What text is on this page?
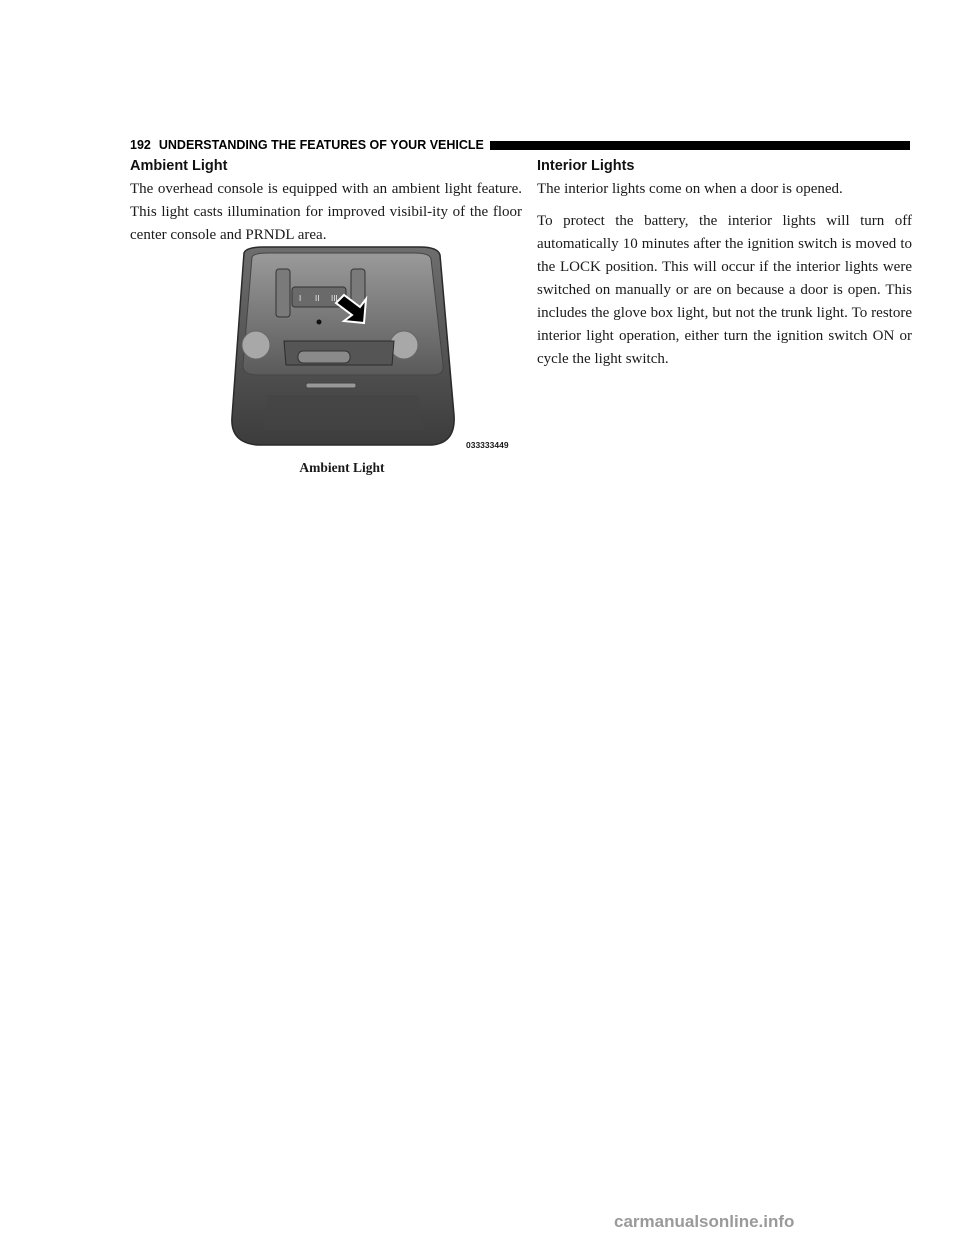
192 UNDERSTANDING THE FEATURES OF YOUR VEHICLE
Ambient Light

The overhead console is equipped with an ambient light feature. This light casts illumination for improved visibil-ity of the floor center console and PRNDL area.

I II III
033333449
Ambient Light
Interior Lights

The interior lights come on when a door is opened.

To protect the battery, the interior lights will turn off automatically 10 minutes after the ignition switch is moved to the LOCK position. This will occur if the interior lights were switched on manually or are on because a door is open. This includes the glove box light, but not the trunk light. To restore interior light operation, either turn the ignition switch ON or cycle the light switch.

carmanualsonline.info
